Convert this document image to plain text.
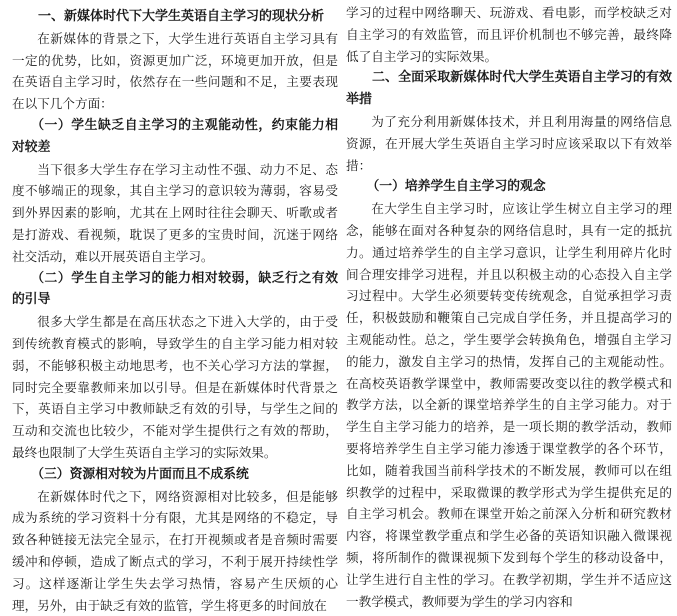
一、新媒体时代下大学生英语自主学习的现状分析

在新媒体的背景之下，大学生进行英语自主学习具有一定的优势，比如，资源更加广泛，环境更加开放，但是在英语自主学习时，依然存在一些问题和不足，主要表现在以下几个方面：

（一）学生缺乏自主学习的主观能动性，约束能力相对较差

当下很多大学生存在学习主动性不强、动力不足、态度不够端正的现象，其自主学习的意识较为薄弱，容易受到外界因素的影响，尤其在上网时往往会聊天、听歌或者是打游戏、看视频，耽误了更多的宝贵时间，沉迷于网络社交活动，难以开展英语自主学习。

（二）学生自主学习的能力相对较弱，缺乏行之有效的引导

很多大学生都是在高压状态之下进入大学的，由于受到传统教育模式的影响，导致学生的自主学习能力相对较弱，不能够积极主动地思考，也不关心学习方法的掌握，同时完全要靠教师来加以引导。但是在新媒体时代背景之下，英语自主学习中教师缺乏有效的引导，与学生之间的互动和交流也比较少，不能对学生提供行之有效的帮助，最终也限制了大学生英语自主学习的实际效果。

（三）资源相对较为片面而且不成系统

在新媒体时代之下，网络资源相对比较多，但是能够成为系统的学习资料十分有限，尤其是网络的不稳定，导致各种链接无法完全显示，在打开视频或者是音频时需要缓冲和停顿，造成了断点式的学习，不利于展开持续性学习。这样逐渐让学生失去学习热情，容易产生厌烦的心理，另外，由于缺乏有效的监管，学生将更多的时间放在

学习的过程中网络聊天、玩游戏、看电影，而学校缺乏对自主学习的有效监管，而且评价机制也不够完善，最终降低了自主学习的实际效果。

二、全面采取新媒体时代大学生英语自主学习的有效举措

为了充分利用新媒体技术，并且利用海量的网络信息资源，在开展大学生英语自主学习时应该采取以下有效举措：

（一）培养学生自主学习的观念

在大学生自主学习时，应该让学生树立自主学习的理念，能够在面对各种复杂的网络信息时，具有一定的抵抗力。通过培养学生的自主学习意识，让学生利用碎片化时间合理安排学习进程，并且以积极主动的心态投入自主学习过程中。大学生必须要转变传统观念，自觉承担学习责任，积极鼓励和鞭策自己完成自学任务，并且提高学习的主观能动性。总之，学生要学会转换角色，增强自主学习的能力，激发自主学习的热情，发挥自己的主观能动性。在高校英语教学课堂中，教师需要改变以往的教学模式和教学方法，以全新的课堂培养学生的自主学习能力。对于学生自主学习能力的培养，是一项长期的教学活动，教师要将培养学生自主学习能力渗透于课堂教学的各个环节，比如，随着我国当前科学技术的不断发展，教师可以在组织教学的过程中，采取微课的教学形式为学生提供充足的自主学习机会。教师在课堂开始之前深入分析和研究教材内容，将课堂教学重点和学生必备的英语知识融入微课视频，将所制作的微课视频下发到每个学生的移动设备中，让学生进行自主性的学习。在教学初期，学生并不适应这一教学模式，教师要为学生的学习内容和
